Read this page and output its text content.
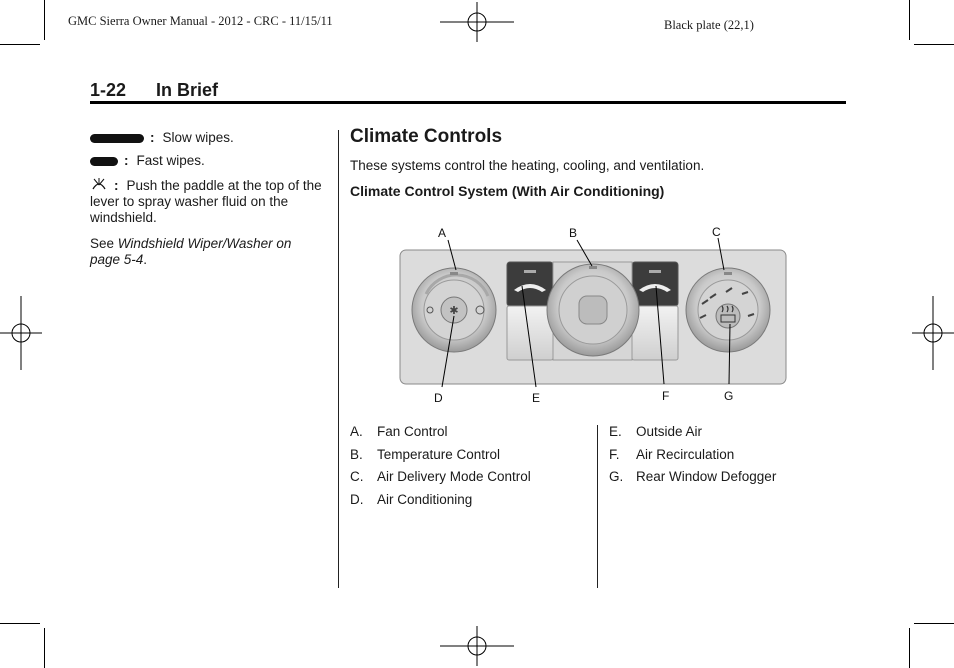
GMC Sierra Owner Manual - 2012 - CRC - 11/15/11	Black plate (22,1)
1-22 In Brief
: Slow wipes.
: Fast wipes.
: Push the paddle at the top of the lever to spray washer fluid on the windshield.
See Windshield Wiper/Washer on page 5-4.
Climate Controls
These systems control the heating, cooling, and ventilation.
Climate Control System (With Air Conditioning)
✱
A	B	C
D	E	F	G
A.	Fan Control
B.	Temperature Control
C.	Air Delivery Mode Control
D.	Air Conditioning
E.	Outside Air
F.	Air Recirculation
G. Rear Window Defogger
